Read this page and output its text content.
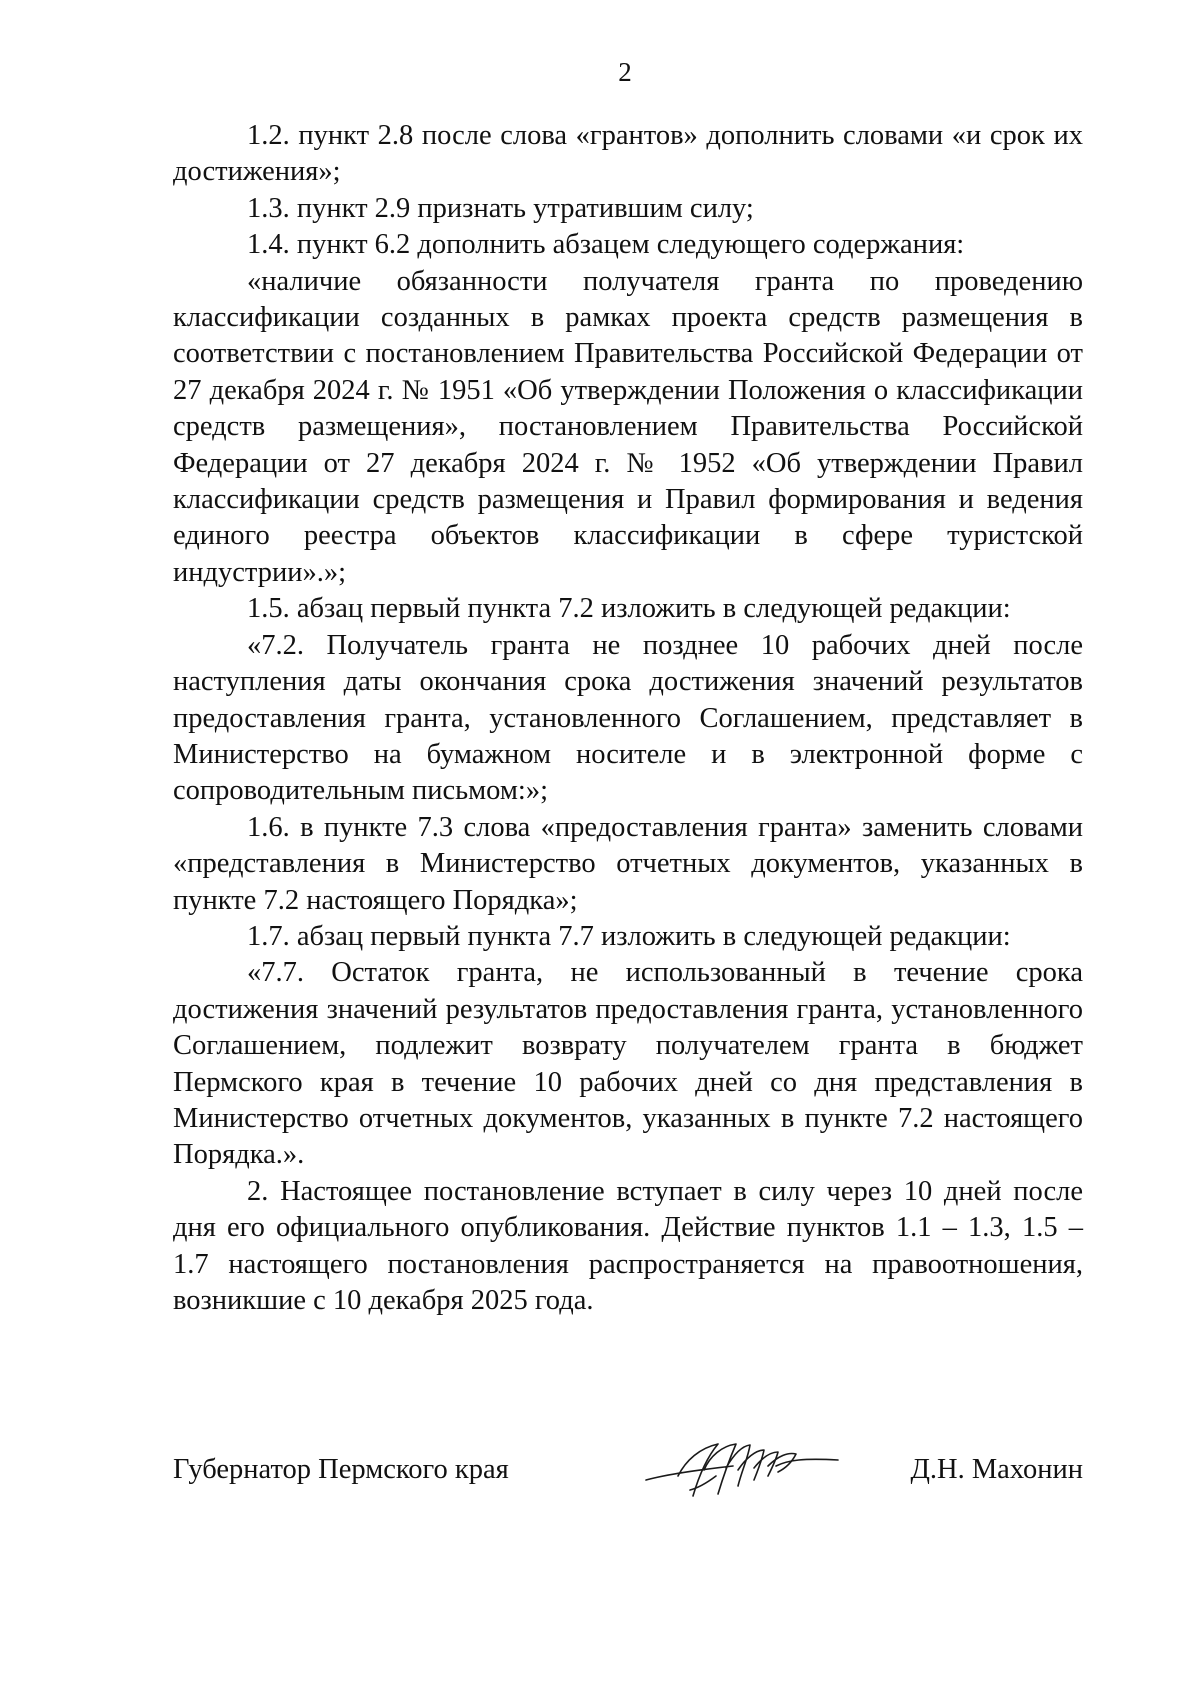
2

1.2. пункт 2.8 после слова «грантов» дополнить словами «и срок их достижения»;

1.3. пункт 2.9 признать утратившим силу;

1.4. пункт 6.2 дополнить абзацем следующего содержания:

«наличие обязанности получателя гранта по проведению классификации созданных в рамках проекта средств размещения в соответствии с постановлением Правительства Российской Федерации от 27 декабря 2024 г. № 1951 «Об утверждении Положения о классификации средств размещения», постановлением Правительства Российской Федерации от 27 декабря 2024 г. № 1952 «Об утверждении Правил классификации средств размещения и Правил формирования и ведения единого реестра объектов классификации в сфере туристской индустрии».»;

1.5. абзац первый пункта 7.2 изложить в следующей редакции:

«7.2. Получатель гранта не позднее 10 рабочих дней после наступления даты окончания срока достижения значений результатов предоставления гранта, установленного Соглашением, представляет в Министерство на бумажном носителе и в электронной форме с сопроводительным письмом:»;

1.6. в пункте 7.3 слова «предоставления гранта» заменить словами «представления в Министерство отчетных документов, указанных в пункте 7.2 настоящего Порядка»;

1.7. абзац первый пункта 7.7 изложить в следующей редакции:

«7.7. Остаток гранта, не использованный в течение срока достижения значений результатов предоставления гранта, установленного Соглашением, подлежит возврату получателем гранта в бюджет Пермского края в течение 10 рабочих дней со дня представления в Министерство отчетных документов, указанных в пункте 7.2 настоящего Порядка.».

2. Настоящее постановление вступает в силу через 10 дней после дня его официального опубликования. Действие пунктов 1.1 – 1.3, 1.5 – 1.7 настоящего постановления распространяется на правоотношения, возникшие с 10 декабря 2025 года.

Губернатор Пермского края	Д.Н. Махонин
